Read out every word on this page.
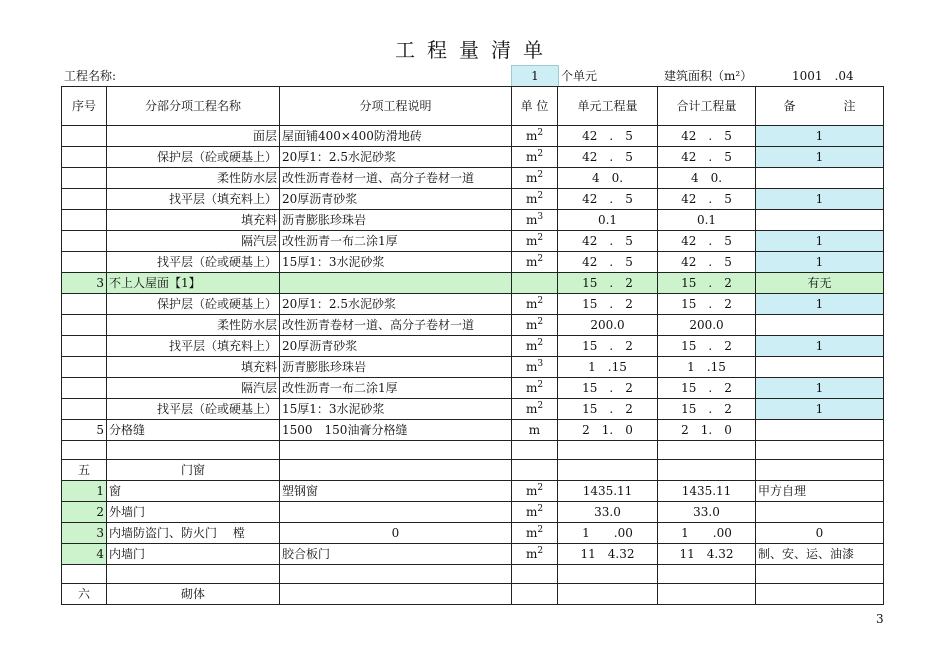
工程量清单
工程名称:	1	个单元	建筑面积（m²）	1001　.04
序号	分部分项工程名称	分项工程说明	单 位	单元工程量	合计工程量	备　　　　注
	面层	屋面铺400×400防滑地砖	$m^2$	42　.　5	42　.　5	1
	保护层（砼或硬基上）	20厚1：2.5水泥砂浆	$m^2$	42　.　5	42　.　5	1
	柔性防水层	改性沥青卷材一道、高分子卷材一道	$m^2$	4　0.	4　0.	
	找平层（填充料上）	20厚沥青砂浆	$m^2$	42　.　5	42　.　5	1
	填充料	沥青膨胀珍珠岩	$m^3$	0.1	0.1	
	隔汽层	改性沥青一布二涂1厚	$m^2$	42　.　5	42　.　5	1
	找平层（砼或硬基上）	15厚1：3水泥砂浆	$m^2$	42　.　5	42　.　5	1
3	不上人屋面【1】			15　.　2	15　.　2	有无
	保护层（砼或硬基上）	20厚1：2.5水泥砂浆	$m^2$	15　.　2	15　.　2	1
	柔性防水层	改性沥青卷材一道、高分子卷材一道	$m^2$	200.0	200.0	
	找平层（填充料上）	20厚沥青砂浆	$m^2$	15　.　2	15　.　2	1
	填充料	沥青膨胀珍珠岩	$m^3$	1　.15	1　.15	
	隔汽层	改性沥青一布二涂1厚	$m^2$	15　.　2	15　.　2	1
	找平层（砼或硬基上）	15厚1：3水泥砂浆	$m^2$	15　.　2	15　.　2	1
5	分格缝	1500　150油膏分格缝	m	2　1.　0	2　1.　0	

五	门窗					
1	窗	塑钢窗	$m^2$	1435.11	1435.11	甲方自理
2	外墙门		$m^2$	33.0	33.0	
3	内墙防盗门、防火门　 樘	0	$m^2$	1　　.00	1　　.00	0
4	内墙门	胶合板门	$m^2$	11　4.32	11　4.32	制、安、运、油漆

六	砌体					
3
